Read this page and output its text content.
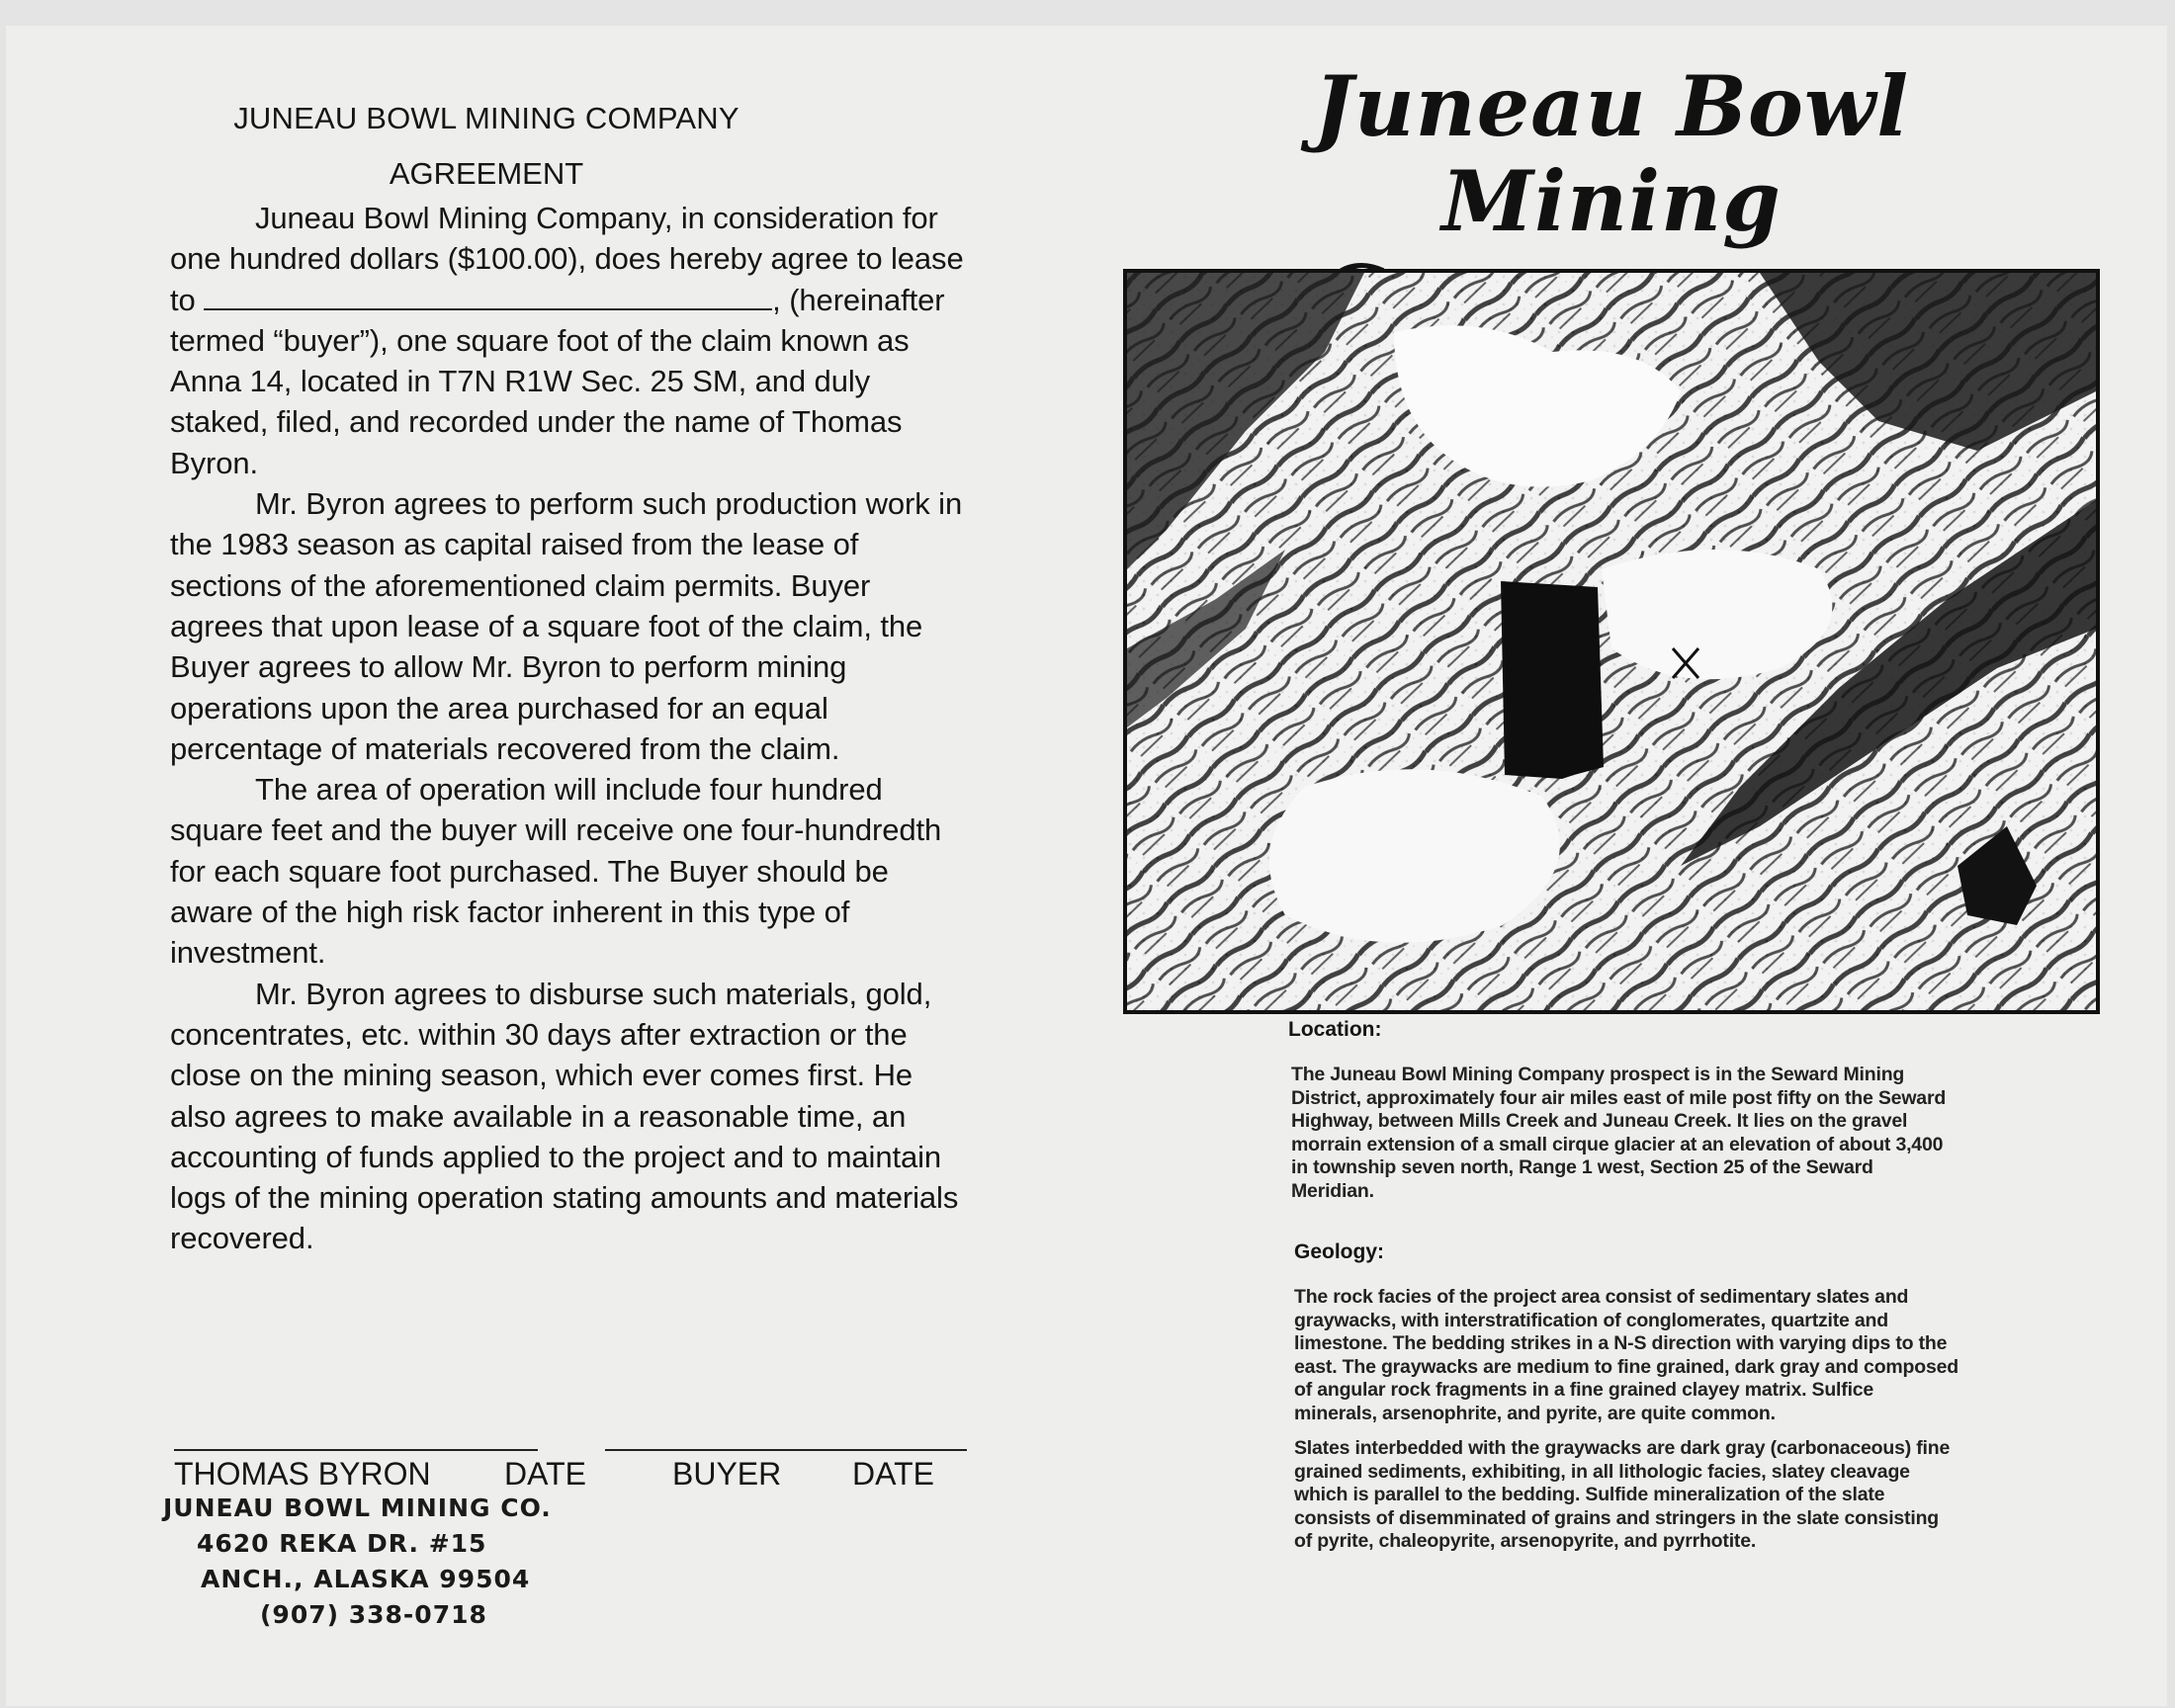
JUNEAU BOWL MINING COMPANY
AGREEMENT

Juneau Bowl Mining Company, in consideration for one hundred dollars ($100.00), does hereby agree to lease to	, (hereinafter termed “buyer”), one square foot of the claim known as Anna 14, located in T7N R1W Sec. 25 SM, and duly staked, filed, and recorded under the name of Thomas Byron.

Mr. Byron agrees to perform such production work in the 1983 season as capital raised from the lease of sections of the aforementioned claim permits. Buyer agrees that upon lease of a square foot of the claim, the Buyer agrees to allow Mr. Byron to perform mining operations upon the area purchased for an equal percentage of materials recovered from the claim.

The area of operation will include four hundred square feet and the buyer will receive one four-hundredth for each square foot purchased. The Buyer should be aware of the high risk factor inherent in this type of investment.

Mr. Byron agrees to disburse such materials, gold, concentrates, etc. within 30 days after extraction or the close on the mining season, which ever comes first. He also agrees to make available in a reasonable time, an accounting of funds applied to the project and to maintain logs of the mining operation stating amounts and materials recovered.

THOMAS BYRON DATE	BUYER DATE
JUNEAU BOWL MINING CO.
4620 REKA DR. #15
ANCH., ALASKA 99504
(907) 338-0718
Juneau Bowl Mining
Location:

The Juneau Bowl Mining Company prospect is in the Seward Mining District, approximately four air miles east of mile post fifty on the Seward Highway, between Mills Creek and Juneau Creek. It lies on the gravel morrain extension of a small cirque glacier at an elevation of about 3,400 in township seven north, Range 1 west, Section 25 of the Seward Meridian.

Geology:

The rock facies of the project area consist of sedimentary slates and graywacks, with interstratification of conglomerates, quartzite and limestone. The bedding strikes in a N-S direction with varying dips to the east. The graywacks are medium to fine grained, dark gray and composed of angular rock fragments in a fine grained clayey matrix. Sulfice minerals, arsenophrite, and pyrite, are quite common.

Slates interbedded with the graywacks are dark gray (carbonaceous) fine grained sediments, exhibiting, in all lithologic facies, slatey cleavage which is parallel to the bedding. Sulfide mineralization of the slate consists of disemminated of grains and stringers in the slate consisting of pyrite, chaleopyrite, arsenopyrite, and pyrrhotite.
